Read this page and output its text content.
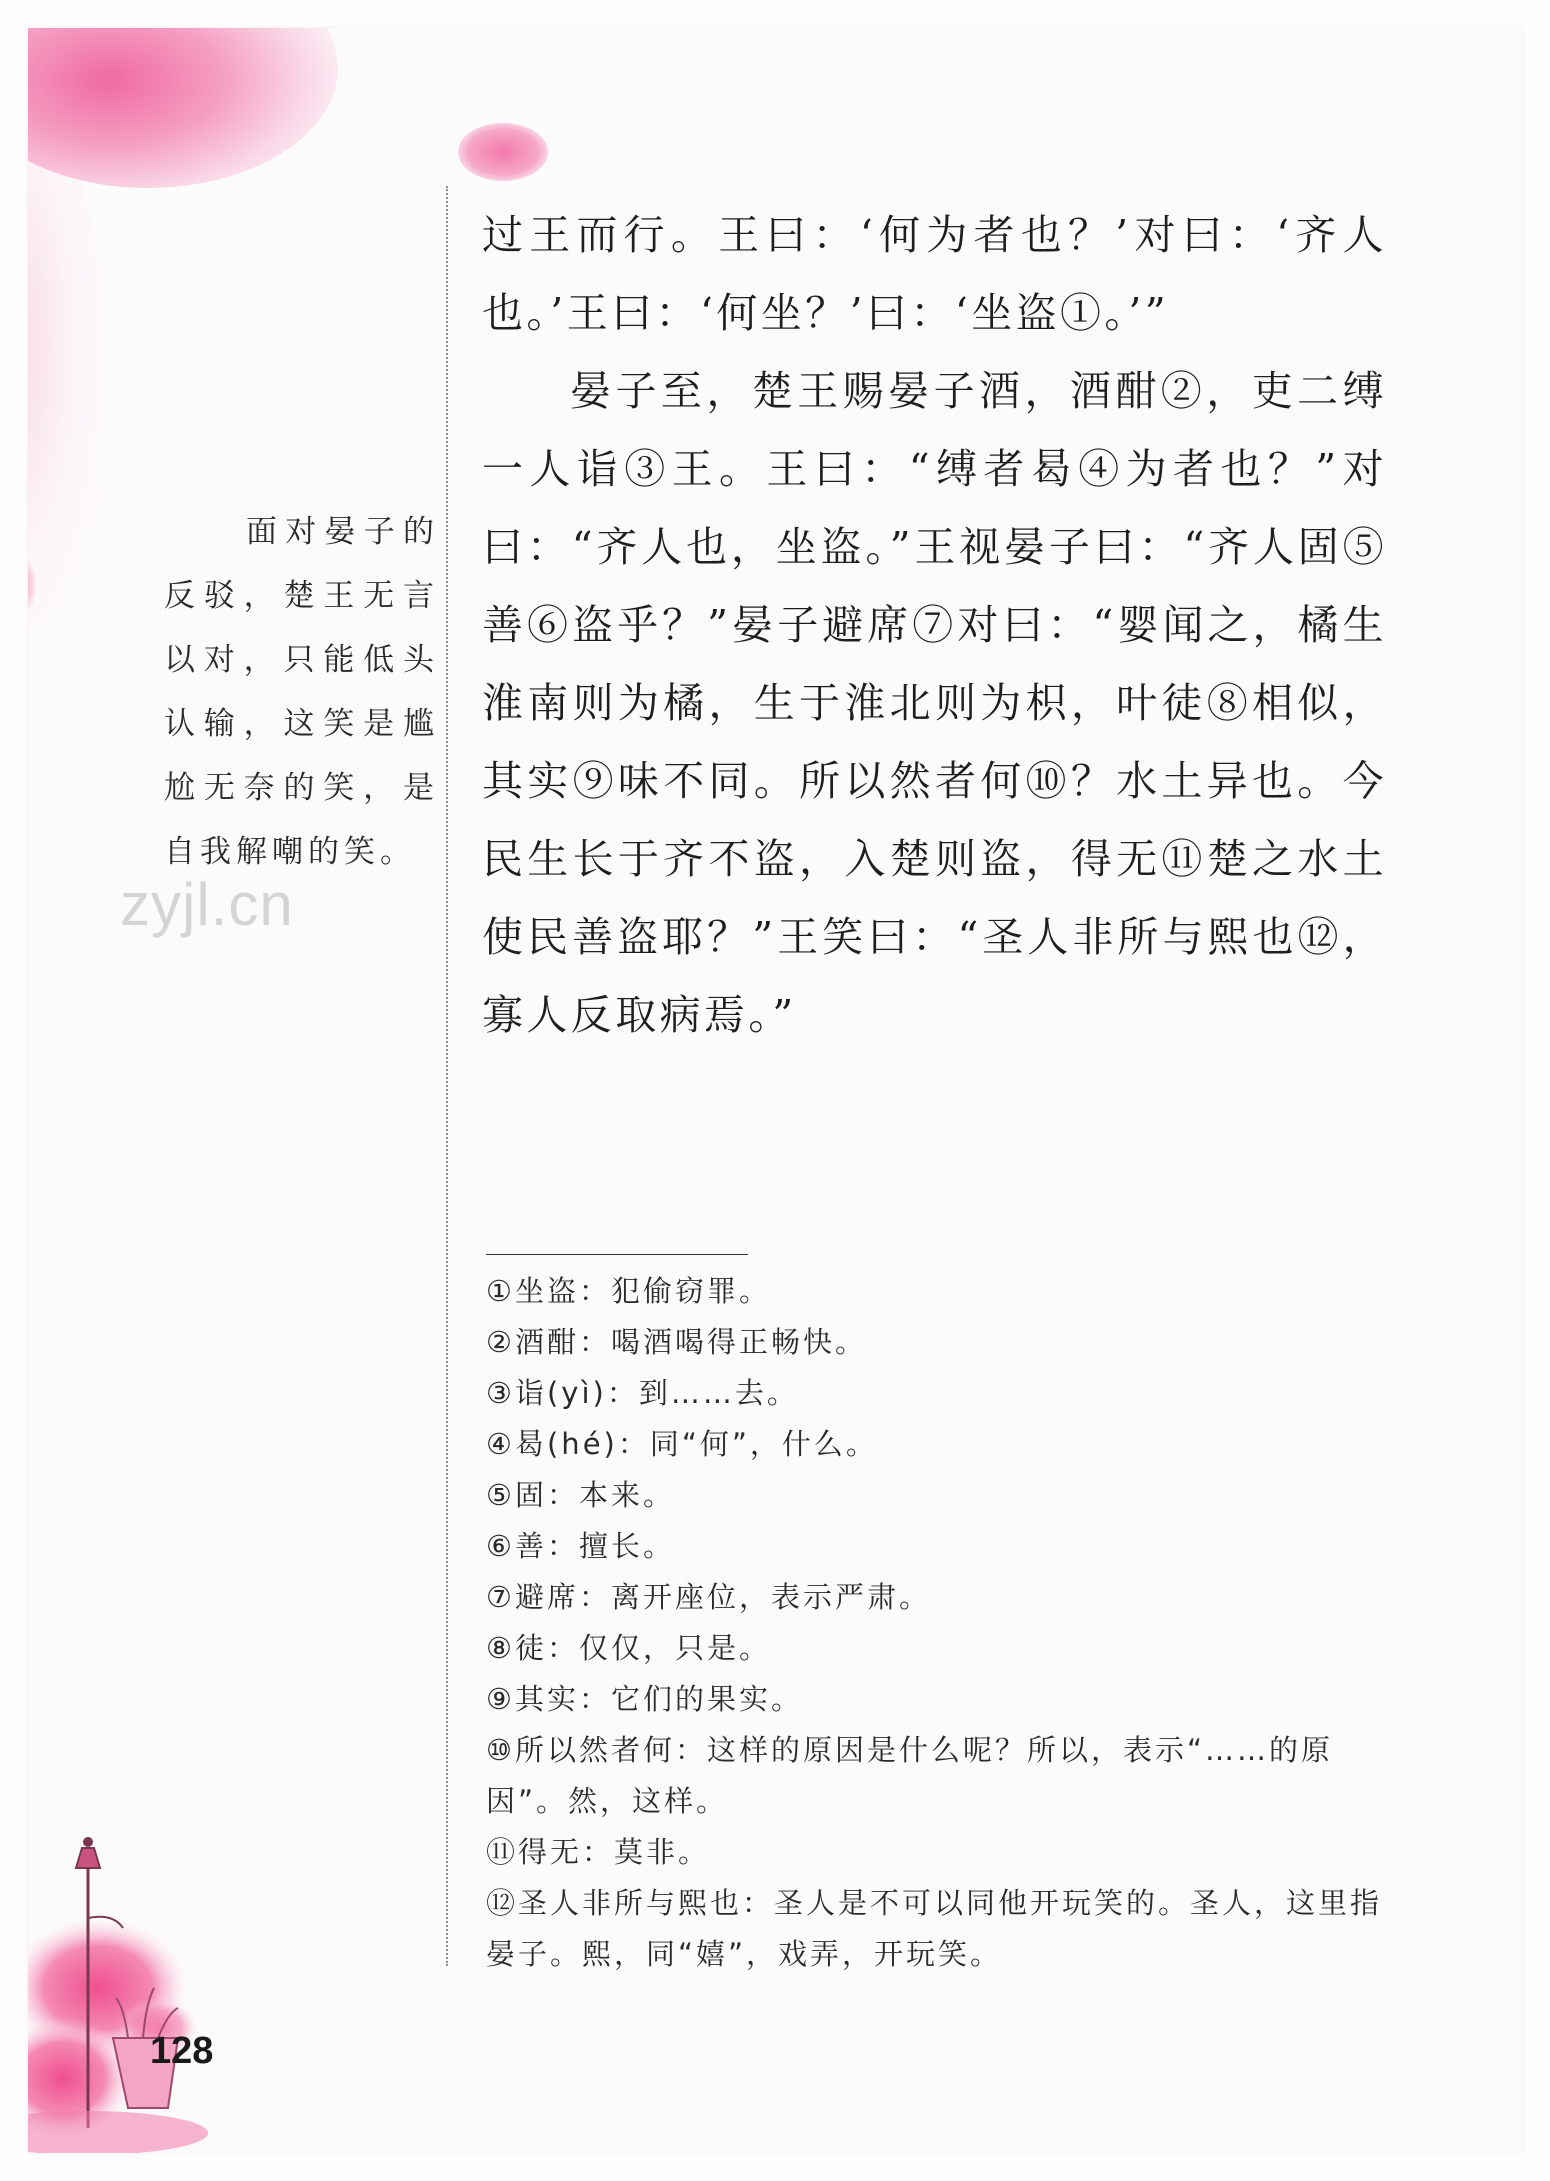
面对晏子的反驳，楚王无言以对，只能低头认输，这笑是尴尬无奈的笑，是自我解嘲的笑。
zyjl.cn

过王而行。王曰：‘何为者也？’对曰：‘齐人也。’王曰：‘何坐？’曰：‘坐盗①。’”

晏子至，楚王赐晏子酒，酒酣②，吏二缚一人诣③王。王曰：“缚者曷④为者也？”对曰：“齐人也，坐盗。”王视晏子曰：“齐人固⑤善⑥盗乎？”晏子避席⑦对曰：“婴闻之，橘生淮南则为橘，生于淮北则为枳，叶徒⑧相似，其实⑨味不同。所以然者何⑩？水土异也。今民生长于齐不盗，入楚则盗，得无⑪楚之水土使民善盗耶？”王笑曰：“圣人非所与熙也⑫，寡人反取病焉。”

①坐盗：犯偷窃罪。
②酒酣：喝酒喝得正畅快。
③诣(yì)：到……去。
④曷(hé)：同“何”，什么。
⑤固：本来。
⑥善：擅长。
⑦避席：离开座位，表示严肃。
⑧徒：仅仅，只是。
⑨其实：它们的果实。
⑩所以然者何：这样的原因是什么呢？所以，表示“……的原因”。然，这样。
⑪得无：莫非。
⑫圣人非所与熙也：圣人是不可以同他开玩笑的。圣人，这里指晏子。熙，同“嬉”，戏弄，开玩笑。
128
